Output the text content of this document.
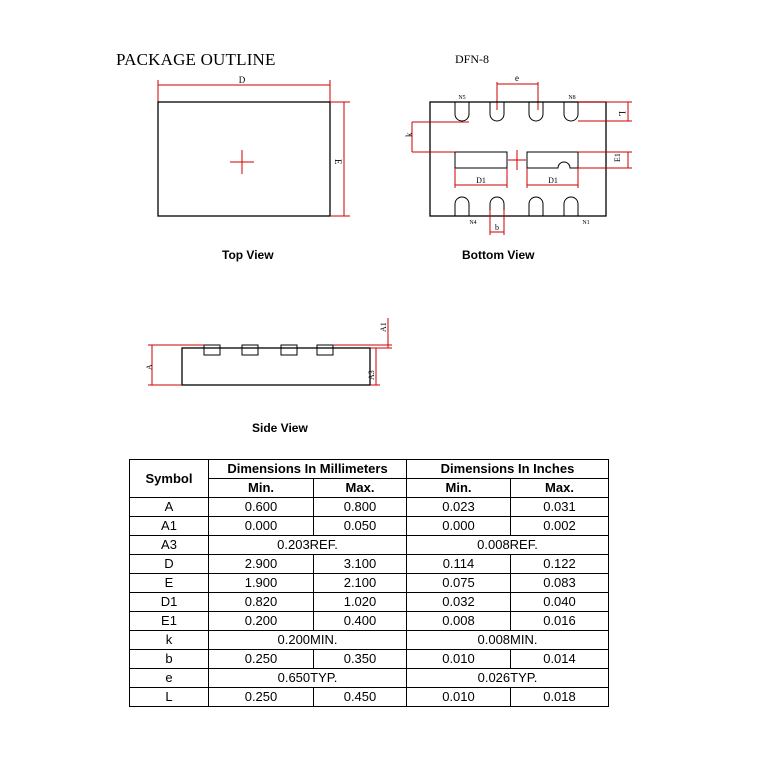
PACKAGE OUTLINE	DFN-8
D
E
Top View
e
N5	N8
k
L
E1
D1	D1
b
N4	N1
Bottom View
A
A1
A3
Side View
Symbol	Dimensions In Millimeters		Dimensions In Inches	
	Min.	Max.	Min.	Max.
A	0.600	0.800	0.023	0.031
A1	0.000	0.050	0.000	0.002
A3	0.203REF.		0.008REF.	
D	2.900	3.100	0.114	0.122
E	1.900	2.100	0.075	0.083
D1	0.820	1.020	0.032	0.040
E1	0.200	0.400	0.008	0.016
k	0.200MIN.		0.008MIN.	
b	0.250	0.350	0.010	0.014
e	0.650TYP.		0.026TYP.	
L	0.250	0.450	0.010	0.018
